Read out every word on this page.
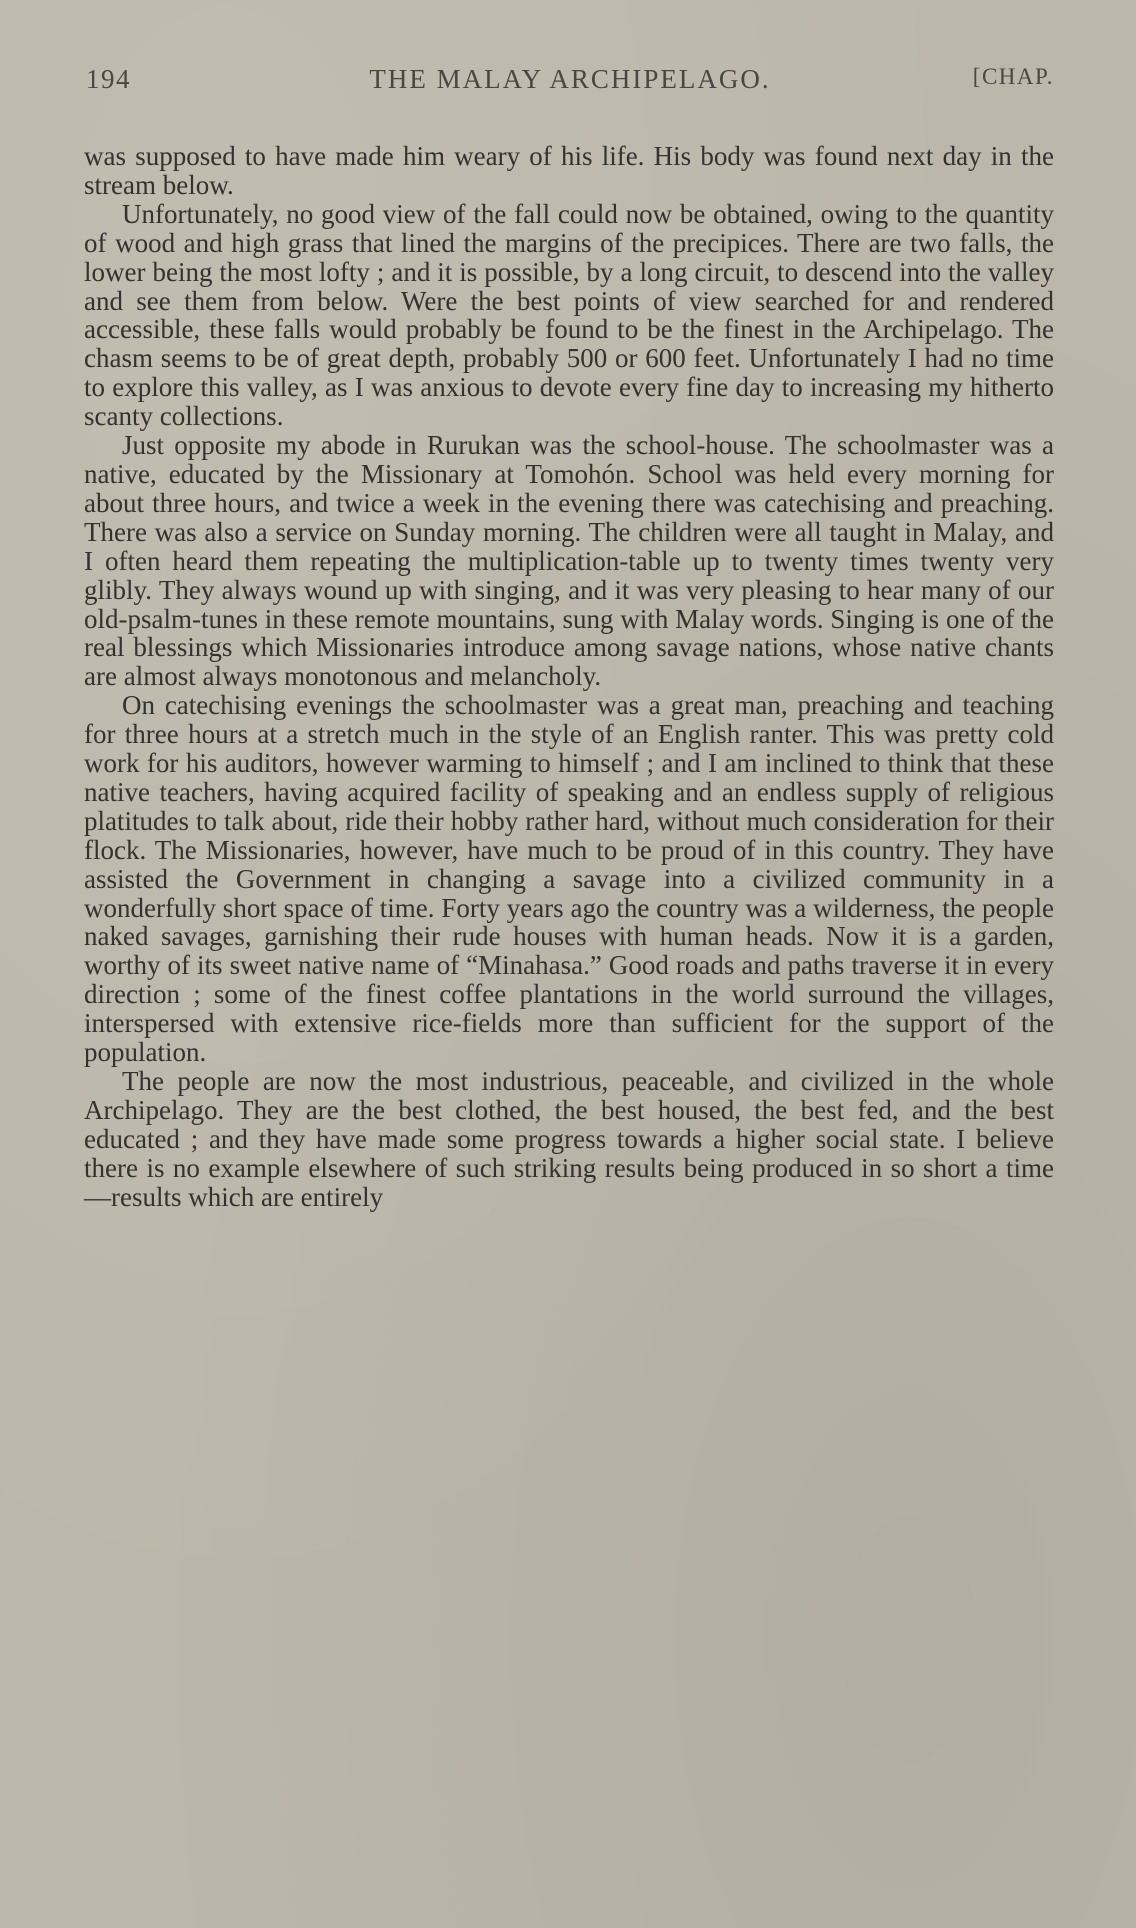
194	THE MALAY ARCHIPELAGO.	[CHAP.

was supposed to have made him weary of his life. His body was found next day in the stream below.

Unfortunately, no good view of the fall could now be obtained, owing to the quantity of wood and high grass that lined the margins of the precipices. There are two falls, the lower being the most lofty ; and it is possible, by a long circuit, to descend into the valley and see them from below. Were the best points of view searched for and rendered accessible, these falls would probably be found to be the finest in the Archipelago. The chasm seems to be of great depth, probably 500 or 600 feet. Unfortunately I had no time to explore this valley, as I was anxious to devote every fine day to increasing my hitherto scanty collections.

Just opposite my abode in Rurukan was the school-house. The schoolmaster was a native, educated by the Missionary at Tomohón. School was held every morning for about three hours, and twice a week in the evening there was catechising and preaching. There was also a service on Sunday morning. The children were all taught in Malay, and I often heard them repeating the multiplication-table up to twenty times twenty very glibly. They always wound up with singing, and it was very pleasing to hear many of our old-psalm-tunes in these remote mountains, sung with Malay words. Singing is one of the real blessings which Missionaries introduce among savage nations, whose native chants are almost always monotonous and melancholy.

On catechising evenings the schoolmaster was a great man, preaching and teaching for three hours at a stretch much in the style of an English ranter. This was pretty cold work for his auditors, however warming to himself ; and I am inclined to think that these native teachers, having acquired facility of speaking and an endless supply of religious platitudes to talk about, ride their hobby rather hard, without much consideration for their flock. The Missionaries, however, have much to be proud of in this country. They have assisted the Government in changing a savage into a civilized community in a wonderfully short space of time. Forty years ago the country was a wilderness, the people naked savages, garnishing their rude houses with human heads. Now it is a garden, worthy of its sweet native name of “Minahasa.” Good roads and paths traverse it in every direction ; some of the finest coffee plantations in the world surround the villages, interspersed with extensive rice-fields more than sufficient for the support of the population.

The people are now the most industrious, peaceable, and civilized in the whole Archipelago. They are the best clothed, the best housed, the best fed, and the best educated ; and they have made some progress towards a higher social state. I believe there is no example elsewhere of such striking results being produced in so short a time—results which are entirely
